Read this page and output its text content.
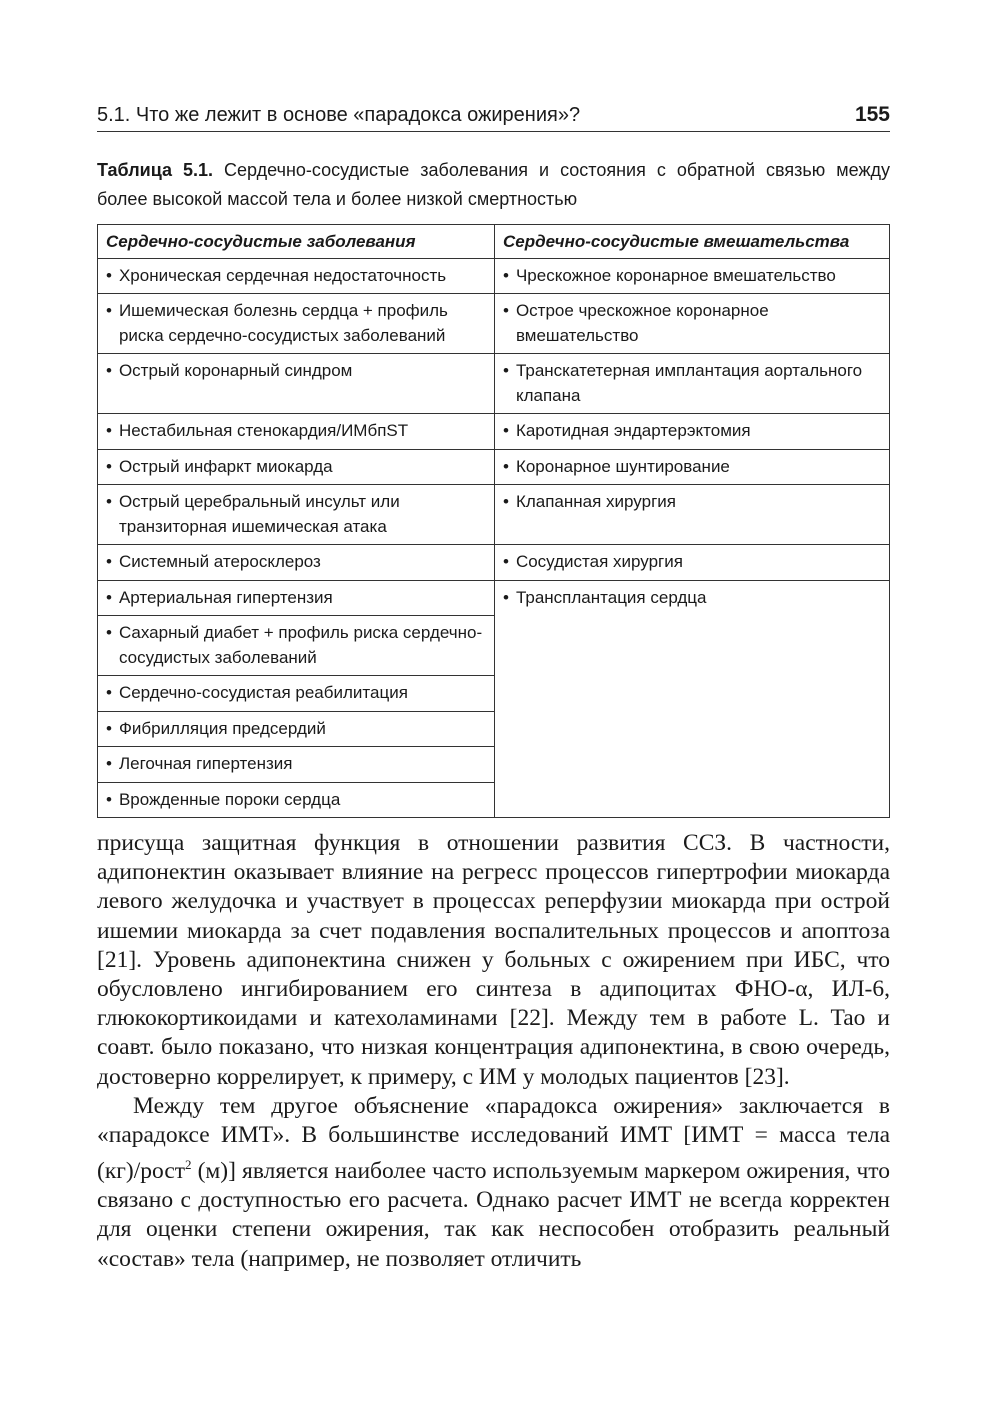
5.1. Что же лежит в основе «парадокса ожирения»?	155
Таблица 5.1. Сердечно-сосудистые заболевания и состояния с обратной связью между более высокой массой тела и более низкой смертностью
Сердечно-сосудистые заболевания	Сердечно-сосудистые вмешательства

• Хроническая сердечная недостаточность	• Чрескожное коронарное вмешательство

• Ишемическая болезнь сердца + профиль риска сердечно-сосудистых заболеваний	• Острое чрескожное коронарное вмешательство

• Острый коронарный синдром	• Транскатетерная имплантация аортального клапана

• Нестабильная стенокардия/ИМбпST	• Каротидная эндартерэктомия

• Острый инфаркт миокарда	• Коронарное шунтирование

• Острый церебральный инсульт или транзиторная ишемическая атака	• Клапанная хирургия

• Системный атеросклероз	• Сосудистая хирургия

• Артериальная гипертензия	• Трансплантация сердца

• Сахарный диабет + профиль риска сердечно-сосудистых заболеваний

• Сердечно-сосудистая реабилитация

• Фибрилляция предсердий

• Легочная гипертензия

• Врожденные пороки сердца

присуща защитная функция в отношении развития ССЗ. В частности, адипонектин оказывает влияние на регресс процессов гипертрофии миокарда левого желудочка и участвует в процессах реперфузии миокарда при острой ишемии миокарда за счет подавления воспалительных процессов и апоптоза [21]. Уровень адипонектина снижен у больных с ожирением при ИБС, что обусловлено ингибированием его синтеза в адипоцитах ФНО-α, ИЛ-6, глюкокортикоидами и катехоламинами [22]. Между тем в работе L. Tao и соавт. было показано, что низкая концентрация адипонектина, в свою очередь, достоверно коррелирует, к примеру, с ИМ у молодых пациентов [23].

Между тем другое объяснение «парадокса ожирения» заключается в «парадоксе ИМТ». В большинстве исследований ИМТ [ИМТ = масса тела (кг)/рост$^2$ (м)] является наиболее часто используемым маркером ожирения, что связано с доступностью его расчета. Однако расчет ИМТ не всегда корректен для оценки степени ожирения, так как неспособен отобразить реальный «состав» тела (например, не позволяет отличить
